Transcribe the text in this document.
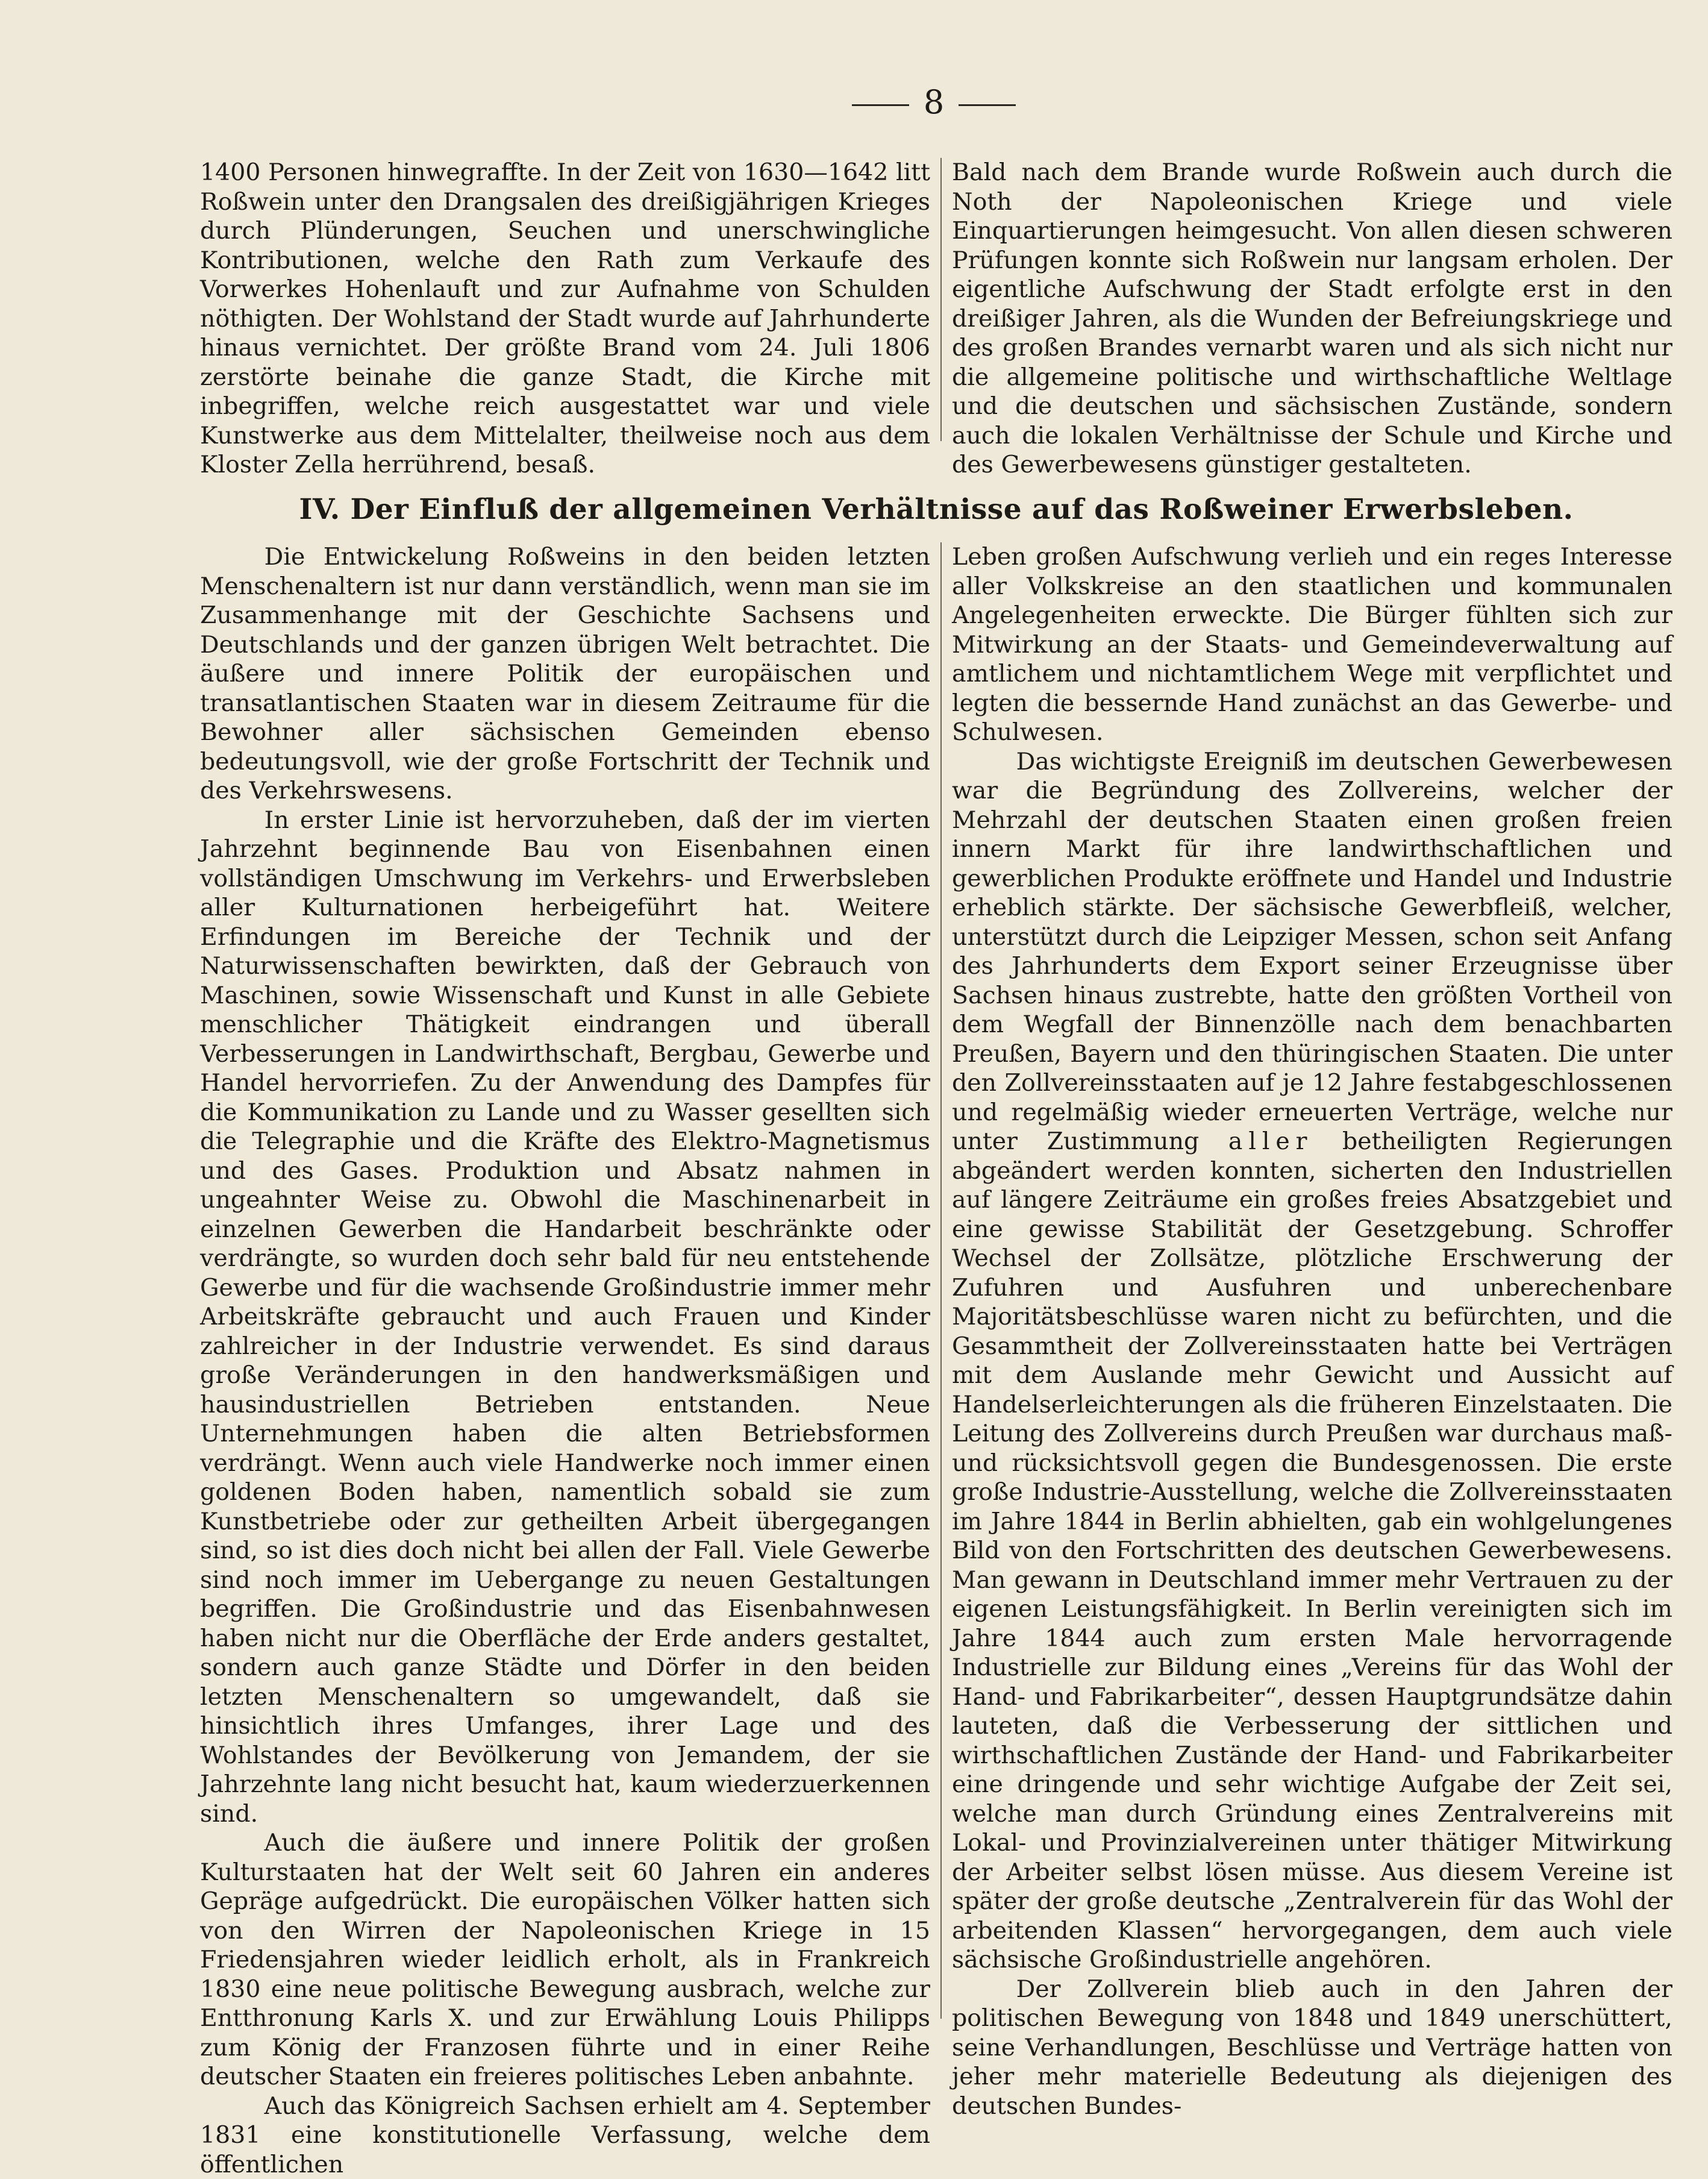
8

1400 Personen hinwegraffte. In der Zeit von 1630—1642 litt Roßwein unter den Drangsalen des dreißigjährigen Krieges durch Plünderungen, Seuchen und unerschwingliche Kontributionen, welche den Rath zum Verkaufe des Vorwerkes Hohenlauft und zur Aufnahme von Schulden nöthigten. Der Wohlstand der Stadt wurde auf Jahrhunderte hinaus vernichtet. Der größte Brand vom 24. Juli 1806 zerstörte beinahe die ganze Stadt, die Kirche mit inbegriffen, welche reich ausgestattet war und viele Kunstwerke aus dem Mittelalter, theilweise noch aus dem Kloster Zella herrührend, besaß.

Bald nach dem Brande wurde Roßwein auch durch die Noth der Napoleonischen Kriege und viele Einquartierungen heimgesucht. Von allen diesen schweren Prüfungen konnte sich Roßwein nur langsam erholen. Der eigentliche Aufschwung der Stadt erfolgte erst in den dreißiger Jahren, als die Wunden der Befreiungskriege und des großen Brandes vernarbt waren und als sich nicht nur die allgemeine politische und wirthschaftliche Weltlage und die deutschen und sächsischen Zustände, sondern auch die lokalen Verhältnisse der Schule und Kirche und des Gewerbewesens günstiger gestalteten.

IV. Der Einfluß der allgemeinen Verhältnisse auf das Roßweiner Erwerbsleben.

Die Entwickelung Roßweins in den beiden letzten Menschenaltern ist nur dann verständlich, wenn man sie im Zusammenhange mit der Geschichte Sachsens und Deutschlands und der ganzen übrigen Welt betrachtet. Die äußere und innere Politik der europäischen und transatlantischen Staaten war in diesem Zeitraume für die Bewohner aller sächsischen Gemeinden ebenso bedeutungsvoll, wie der große Fortschritt der Technik und des Verkehrswesens.

In erster Linie ist hervorzuheben, daß der im vierten Jahrzehnt beginnende Bau von Eisenbahnen einen vollständigen Umschwung im Verkehrs- und Erwerbsleben aller Kulturnationen herbeigeführt hat. Weitere Erfindungen im Bereiche der Technik und der Naturwissenschaften bewirkten, daß der Gebrauch von Maschinen, sowie Wissenschaft und Kunst in alle Gebiete menschlicher Thätigkeit eindrangen und überall Verbesserungen in Landwirthschaft, Bergbau, Gewerbe und Handel hervorriefen. Zu der Anwendung des Dampfes für die Kommunikation zu Lande und zu Wasser gesellten sich die Telegraphie und die Kräfte des Elektro-Magnetismus und des Gases. Produktion und Absatz nahmen in ungeahnter Weise zu. Obwohl die Maschinenarbeit in einzelnen Gewerben die Handarbeit beschränkte oder verdrängte, so wurden doch sehr bald für neu entstehende Gewerbe und für die wachsende Großindustrie immer mehr Arbeitskräfte gebraucht und auch Frauen und Kinder zahlreicher in der Industrie verwendet. Es sind daraus große Veränderungen in den handwerksmäßigen und hausindustriellen Betrieben entstanden. Neue Unternehmungen haben die alten Betriebsformen verdrängt. Wenn auch viele Handwerke noch immer einen goldenen Boden haben, namentlich sobald sie zum Kunstbetriebe oder zur getheilten Arbeit übergegangen sind, so ist dies doch nicht bei allen der Fall. Viele Gewerbe sind noch immer im Uebergange zu neuen Gestaltungen begriffen. Die Großindustrie und das Eisenbahnwesen haben nicht nur die Oberfläche der Erde anders gestaltet, sondern auch ganze Städte und Dörfer in den beiden letzten Menschenaltern so umgewandelt, daß sie hinsichtlich ihres Umfanges, ihrer Lage und des Wohlstandes der Bevölkerung von Jemandem, der sie Jahrzehnte lang nicht besucht hat, kaum wiederzuerkennen sind.

Auch die äußere und innere Politik der großen Kulturstaaten hat der Welt seit 60 Jahren ein anderes Gepräge aufgedrückt. Die europäischen Völker hatten sich von den Wirren der Napoleonischen Kriege in 15 Friedensjahren wieder leidlich erholt, als in Frankreich 1830 eine neue politische Bewegung ausbrach, welche zur Entthronung Karls X. und zur Erwählung Louis Philipps zum König der Franzosen führte und in einer Reihe deutscher Staaten ein freieres politisches Leben anbahnte.

Auch das Königreich Sachsen erhielt am 4. September 1831 eine konstitutionelle Verfassung, welche dem öffentlichen

Leben großen Aufschwung verlieh und ein reges Interesse aller Volkskreise an den staatlichen und kommunalen Angelegenheiten erweckte. Die Bürger fühlten sich zur Mitwirkung an der Staats- und Gemeindeverwaltung auf amtlichem und nichtamtlichem Wege mit verpflichtet und legten die bessernde Hand zunächst an das Gewerbe- und Schulwesen.

Das wichtigste Ereigniß im deutschen Gewerbewesen war die Begründung des Zollvereins, welcher der Mehrzahl der deutschen Staaten einen großen freien innern Markt für ihre landwirthschaftlichen und gewerblichen Produkte eröffnete und Handel und Industrie erheblich stärkte. Der sächsische Gewerbfleiß, welcher, unterstützt durch die Leipziger Messen, schon seit Anfang des Jahrhunderts dem Export seiner Erzeugnisse über Sachsen hinaus zustrebte, hatte den größten Vortheil von dem Wegfall der Binnenzölle nach dem benachbarten Preußen, Bayern und den thüringischen Staaten. Die unter den Zollvereinsstaaten auf je 12 Jahre festabgeschlossenen und regelmäßig wieder erneuerten Verträge, welche nur unter Zustimmung aller betheiligten Regierungen abgeändert werden konnten, sicherten den Industriellen auf längere Zeiträume ein großes freies Absatzgebiet und eine gewisse Stabilität der Gesetzgebung. Schroffer Wechsel der Zollsätze, plötzliche Erschwerung der Zufuhren und Ausfuhren und unberechenbare Majoritätsbeschlüsse waren nicht zu befürchten, und die Gesammtheit der Zollvereinsstaaten hatte bei Verträgen mit dem Auslande mehr Gewicht und Aussicht auf Handelserleichterungen als die früheren Einzelstaaten. Die Leitung des Zollvereins durch Preußen war durchaus maß- und rücksichtsvoll gegen die Bundesgenossen. Die erste große Industrie-Ausstellung, welche die Zollvereinsstaaten im Jahre 1844 in Berlin abhielten, gab ein wohlgelungenes Bild von den Fortschritten des deutschen Gewerbewesens. Man gewann in Deutschland immer mehr Vertrauen zu der eigenen Leistungsfähigkeit. In Berlin vereinigten sich im Jahre 1844 auch zum ersten Male hervorragende Industrielle zur Bildung eines „Vereins für das Wohl der Hand- und Fabrikarbeiter“, dessen Hauptgrundsätze dahin lauteten, daß die Verbesserung der sittlichen und wirthschaftlichen Zustände der Hand- und Fabrikarbeiter eine dringende und sehr wichtige Aufgabe der Zeit sei, welche man durch Gründung eines Zentralvereins mit Lokal- und Provinzialvereinen unter thätiger Mitwirkung der Arbeiter selbst lösen müsse. Aus diesem Vereine ist später der große deutsche „Zentralverein für das Wohl der arbeitenden Klassen“ hervorgegangen, dem auch viele sächsische Großindustrielle angehören.

Der Zollverein blieb auch in den Jahren der politischen Bewegung von 1848 und 1849 unerschüttert, seine Verhandlungen, Beschlüsse und Verträge hatten von jeher mehr materielle Bedeutung als diejenigen des deutschen Bundes-
